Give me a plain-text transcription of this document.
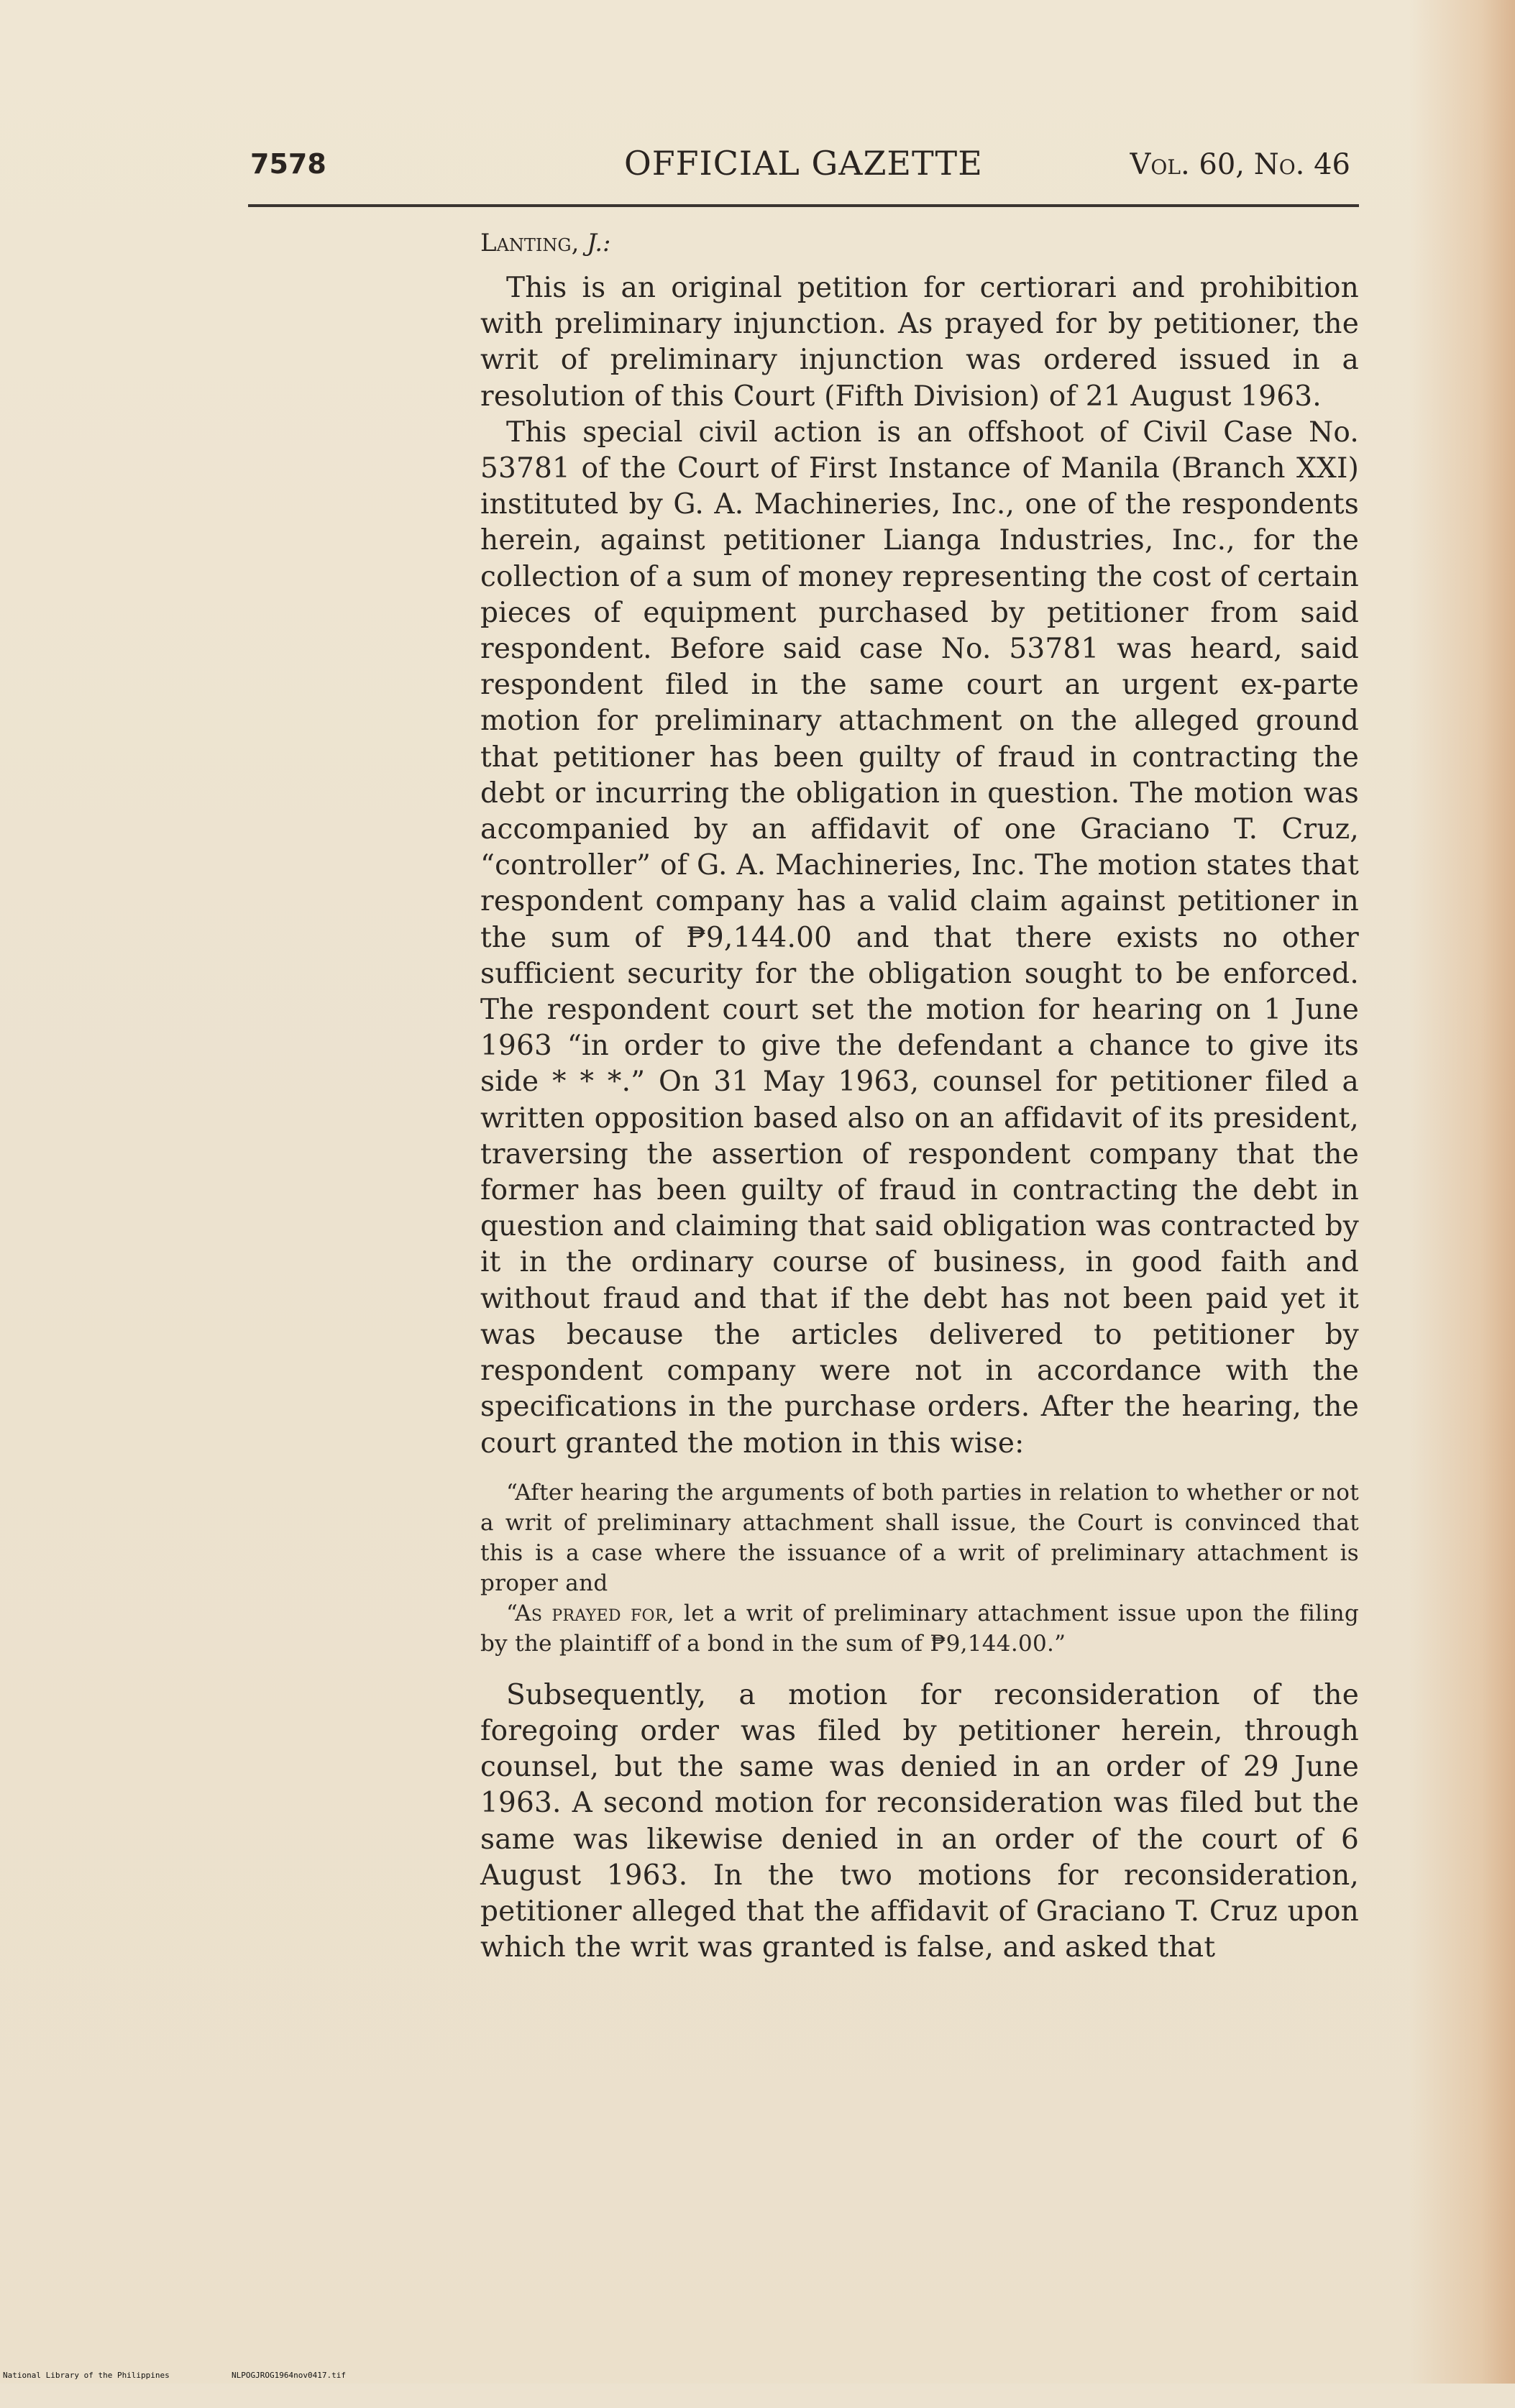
7578	OFFICIAL GAZETTE	Vol. 60, No. 46

Lanting, J.:

This is an original petition for certiorari and prohibition with preliminary injunction. As prayed for by petitioner, the writ of preliminary injunction was ordered issued in a resolution of this Court (Fifth Division) of 21 August 1963.

This special civil action is an offshoot of Civil Case No. 53781 of the Court of First Instance of Manila (Branch XXI) instituted by G. A. Machineries, Inc., one of the respondents herein, against petitioner Lianga Industries, Inc., for the collection of a sum of money representing the cost of certain pieces of equipment purchased by petitioner from said respondent. Before said case No. 53781 was heard, said respondent filed in the same court an urgent ex-parte motion for preliminary attachment on the alleged ground that petitioner has been guilty of fraud in contracting the debt or incurring the obligation in question. The motion was accompanied by an affidavit of one Graciano T. Cruz, “controller” of G. A. Machineries, Inc. The motion states that respondent company has a valid claim against petitioner in the sum of ₱9,144.00 and that there exists no other sufficient security for the obligation sought to be enforced. The respondent court set the motion for hearing on 1 June 1963 “in order to give the defendant a chance to give its side * * *.” On 31 May 1963, counsel for petitioner filed a written opposition based also on an affidavit of its president, traversing the assertion of respondent company that the former has been guilty of fraud in contracting the debt in question and claiming that said obligation was contracted by it in the ordinary course of business, in good faith and without fraud and that if the debt has not been paid yet it was because the articles delivered to petitioner by respondent company were not in accordance with the specifications in the purchase orders. After the hearing, the court granted the motion in this wise:

“After hearing the arguments of both parties in relation to whether or not a writ of preliminary attachment shall issue, the Court is convinced that this is a case where the issuance of a writ of preliminary attachment is proper and

“As prayed for, let a writ of preliminary attachment issue upon the filing by the plaintiff of a bond in the sum of ₱9,144.00.”

Subsequently, a motion for reconsideration of the foregoing order was filed by petitioner herein, through counsel, but the same was denied in an order of 29 June 1963. A second motion for reconsideration was filed but the same was likewise denied in an order of the court of 6 August 1963. In the two motions for reconsideration, petitioner alleged that the affidavit of Graciano T. Cruz upon which the writ was granted is false, and asked that

National Library of the Philippines

	NLPOGJROG1964nov0417.tif
